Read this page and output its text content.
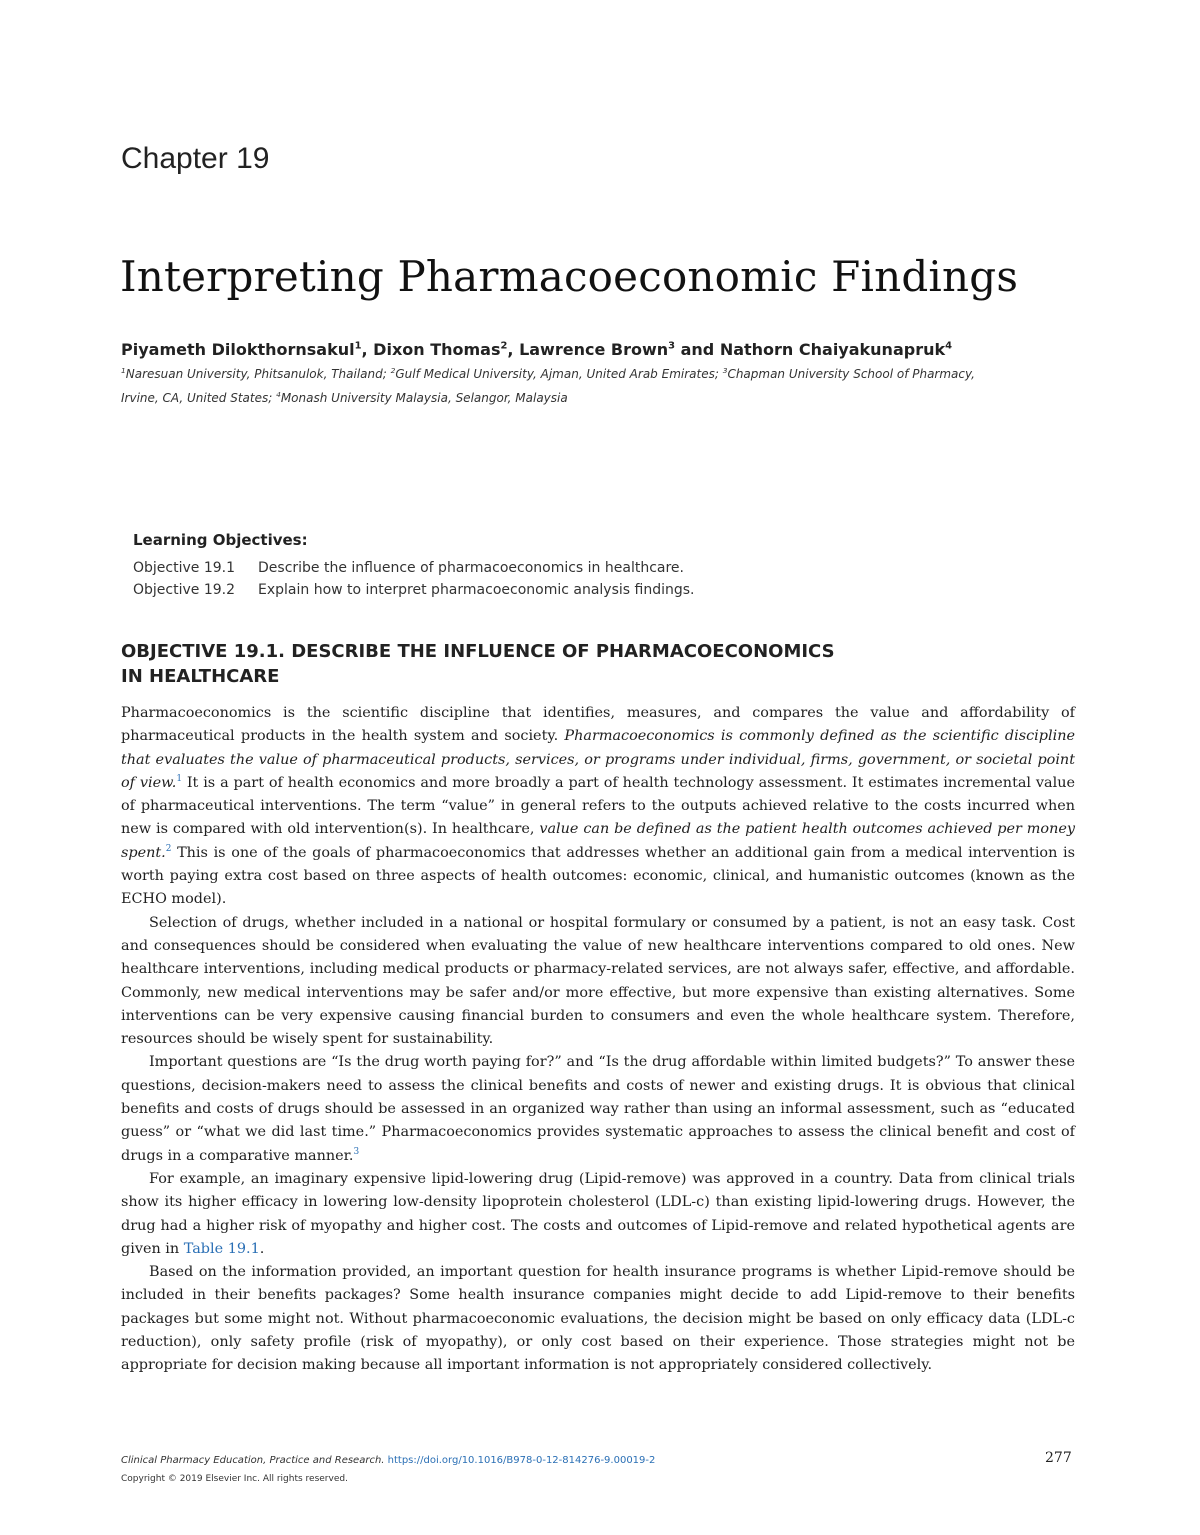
Chapter 19
Interpreting Pharmacoeconomic Findings
Piyameth Dilokthornsakul$^1$, Dixon Thomas$^2$, Lawrence Brown$^3$ and Nathorn Chaiyakunapruk$^4$
$^1$Naresuan University, Phitsanulok, Thailand; $^2$Gulf Medical University, Ajman, United Arab Emirates; $^3$Chapman University School of Pharmacy,
Irvine, CA, United States; $^4$Monash University Malaysia, Selangor, Malaysia
Learning Objectives:
Objective 19.1 Describe the influence of pharmacoeconomics in healthcare.
Objective 19.2 Explain how to interpret pharmacoeconomic analysis findings.
OBJECTIVE 19.1. DESCRIBE THE INFLUENCE OF PHARMACOECONOMICS
IN HEALTHCARE

Pharmacoeconomics is the scientific discipline that identifies, measures, and compares the value and affordability of pharmaceutical products in the health system and society. Pharmacoeconomics is commonly defined as the scientific discipline that evaluates the value of pharmaceutical products, services, or programs under individual, firms, government, or societal point of view.$^1$ It is a part of health economics and more broadly a part of health technology assessment. It estimates incremental value of pharmaceutical interventions. The term “value” in general refers to the outputs achieved relative to the costs incurred when new is compared with old intervention(s). In healthcare, value can be defined as the patient health outcomes achieved per money spent.$^2$ This is one of the goals of pharmacoeconomics that addresses whether an additional gain from a medical intervention is worth paying extra cost based on three aspects of health outcomes: economic, clinical, and humanistic outcomes (known as the ECHO model).

Selection of drugs, whether included in a national or hospital formulary or consumed by a patient, is not an easy task. Cost and consequences should be considered when evaluating the value of new healthcare interventions compared to old ones. New healthcare interventions, including medical products or pharmacy-related services, are not always safer, effective, and affordable. Commonly, new medical interventions may be safer and/or more effective, but more expensive than existing alternatives. Some interventions can be very expensive causing financial burden to consumers and even the whole healthcare system. Therefore, resources should be wisely spent for sustainability.

Important questions are “Is the drug worth paying for?” and “Is the drug affordable within limited budgets?” To answer these questions, decision-makers need to assess the clinical benefits and costs of newer and existing drugs. It is obvious that clinical benefits and costs of drugs should be assessed in an organized way rather than using an informal assessment, such as “educated guess” or “what we did last time.” Pharmacoeconomics provides systematic approaches to assess the clinical benefit and cost of drugs in a comparative manner.$^3$

For example, an imaginary expensive lipid-lowering drug (Lipid-remove) was approved in a country. Data from clinical trials show its higher efficacy in lowering low-density lipoprotein cholesterol (LDL-c) than existing lipid-lowering drugs. However, the drug had a higher risk of myopathy and higher cost. The costs and outcomes of Lipid-remove and related hypothetical agents are given in Table 19.1.

Based on the information provided, an important question for health insurance programs is whether Lipid-remove should be included in their benefits packages? Some health insurance companies might decide to add Lipid-remove to their benefits packages but some might not. Without pharmacoeconomic evaluations, the decision might be based on only efficacy data (LDL-c reduction), only safety profile (risk of myopathy), or only cost based on their experience. Those strategies might not be appropriate for decision making because all important information is not appropriately considered collectively.

Clinical Pharmacy Education, Practice and Research. https://doi.org/10.1016/B978-0-12-814276-9.00019-2
Copyright © 2019 Elsevier Inc. All rights reserved.
277
